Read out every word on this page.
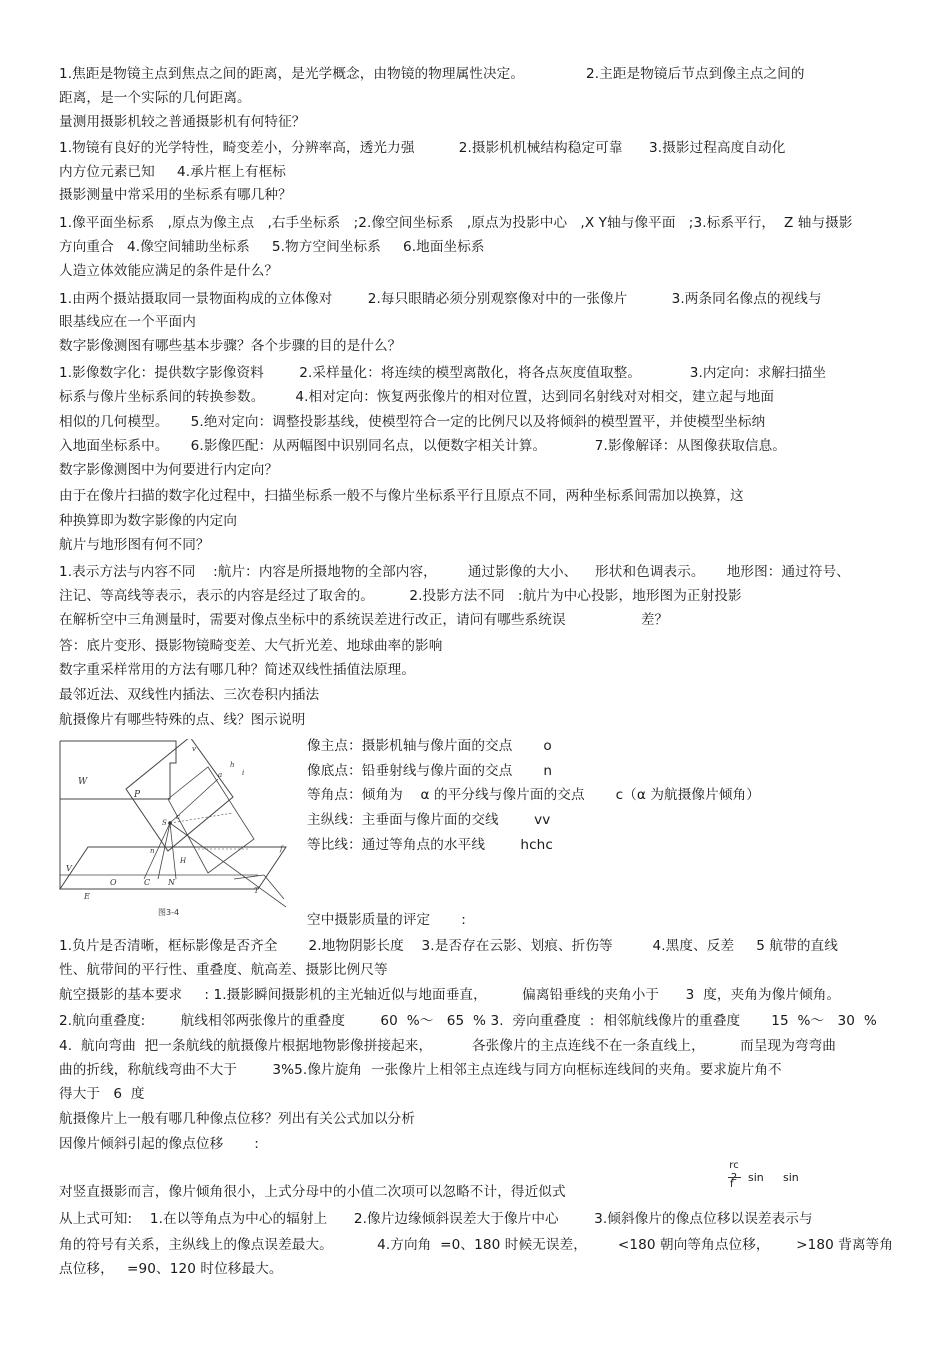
1.焦距是物镜主点到焦点之间的距离，是光学概念，由物镜的物理属性决定。              2.主距是物镜后节点到像主点之间的
距离，是一个实际的几何距离。
量测用摄影机较之普通摄影机有何特征？
1.物镜有良好的光学特性，畸变差小，分辨率高，透光力强          2.摄影机机械结构稳定可靠      3.摄影过程高度自动化
内方位元素已知     4.承片框上有框标
摄影测量中常采用的坐标系有哪几种？
1.像平面坐标系   ,原点为像主点   ,右手坐标系   ;2.像空间坐标系   ,原点为投影中心   ,X Y轴与像平面   ;3.标系平行，  Z 轴与摄影
方向重合   4.像空间辅助坐标系     5.物方空间坐标系     6.地面坐标系
人造立体效能应满足的条件是什么？
1.由两个摄站摄取同一景物面构成的立体像对        2.每只眼睛必须分别观察像对中的一张像片          3.两条同名像点的视线与
眼基线应在一个平面内
数字影像测图有哪些基本步骤？各个步骤的目的是什么？
1.影像数字化：提供数字影像资料        2.采样量化：将连续的模型离散化，将各点灰度值取整。           3.内定向：求解扫描坐
标系与像片坐标系间的转换参数。       4.相对定向：恢复两张像片的相对位置，达到同名射线对对相交，建立起与地面
相似的几何模型。     5.绝对定向：调整投影基线，使模型符合一定的比例尺以及将倾斜的模型置平，并使模型坐标纳
入地面坐标系中。     6.影像匹配：从两幅图中识别同名点，以便数字相关计算。           7.影像解译：从图像获取信息。
数字影像测图中为何要进行内定向？
由于在像片扫描的数字化过程中，扫描坐标系一般不与像片坐标系平行且原点不同，两种坐标系间需加以换算，这
种换算即为数字影像的内定向
航片与地形图有何不同？
1.表示方法与内容不同    :航片：内容是所摄地物的全部内容，       通过影像的大小、    形状和色调表示。     地形图：通过符号、
注记、等高线等表示，表示的内容是经过了取舍的。        2.投影方法不同   :航片为中心投影，地形图为正射投影
在解析空中三角测量时，需要对像点坐标中的系统误差进行改正，请问有哪些系统误                 差？
答：底片变形、摄影物镜畸变差、大气折光差、地球曲率的影响
数字重采样常用的方法有哪几种？简述双线性插值法原理。
最邻近法、双线性内插法、三次卷积内插法
航摄像片有哪些特殊的点、线？图示说明
W
P
V
E
O	C N
S
T
f
v
a
h
i
c
H
n
图3-4
像主点：摄影机轴与像片面的交点       o
像底点：铅垂射线与像片面的交点       n
等角点：倾角为    α 的平分线与像片面的交点       c（α 为航摄像片倾角）
主纵线：主垂面与像片面的交线        vv
等比线：通过等角点的水平线        hchc
空中摄影质量的评定       :
1.负片是否清晰，框标影像是否齐全       2.地物阴影长度    3.是否存在云影、划痕、折伤等         4.黑度、反差     5 航带的直线
性、航带间的平行性、重叠度、航高差、摄影比例尺等
航空摄影的基本要求     : 1.摄影瞬间摄影机的主光轴近似与地面垂直，        偏离铅垂线的夹角小于      3  度，夹角为像片倾角。
2.航向重叠度:        航线相邻两张像片的重叠度        60  %～   65  % 3.  旁向重叠度  :  相邻航线像片的重叠度       15  %～   30  %
4.  航向弯曲  把一条航线的航摄像片根据地物影像拼接起来，         各张像片的主点连线不在一条直线上，        而呈现为弯弯曲
曲的折线，称航线弯曲不大于        3%5.像片旋角  一张像片上相邻主点连线与同方向框标连线间的夹角。要求旋片角不
得大于   6  度
航摄像片上一般有哪几种像点位移？列出有关公式加以分析
因像片倾斜引起的像点位移       :
rc 2
f
sin sin
对竖直摄影而言，像片倾角很小，上式分母中的小值二次项可以忽略不计，得近似式
从上式可知:    1.在以等角点为中心的辐射上      2.像片边缘倾斜误差大于像片中心        3.倾斜像片的像点位移以误差表示与
角的符号有关系，主纵线上的像点误差最大。          4.方向角  =0、180 时候无误差，       <180 朝向等角点位移，      >180 背离等角
点位移，   =90、120 时位移最大。
